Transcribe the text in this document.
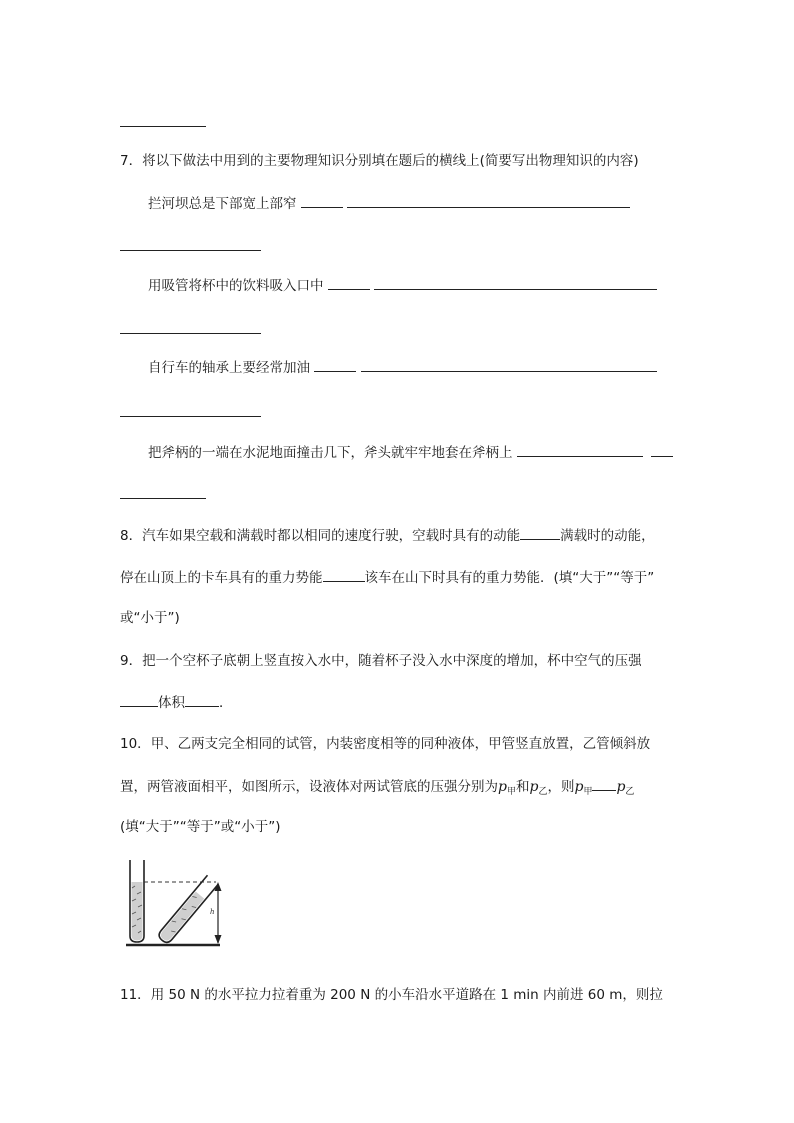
7．将以下做法中用到的主要物理知识分别填在题后的横线上(简要写出物理知识的内容)
拦河坝总是下部宽上部窄
用吸管将杯中的饮料吸入口中
自行车的轴承上要经常加油
把斧柄的一端在水泥地面撞击几下，斧头就牢牢地套在斧柄上
8．汽车如果空载和满载时都以相同的速度行驶，空载时具有的动能	满载时的动能，
停在山顶上的卡车具有的重力势能	该车在山下时具有的重力势能．(填“大于”“等于”
或“小于”)
9．把一个空杯子底朝上竖直按入水中，随着杯子没入水中深度的增加，杯中空气的压强
体积	．
10．甲、乙两支完全相同的试管，内装密度相等的同种液体，甲管竖直放置，乙管倾斜放
置，两管液面相平，如图所示，设液体对两试管底的压强分别为$p_甲$和$p_乙$，则$p_甲$ $p_乙$
(填“大于”“等于”或“小于”)
h
11．用 50 N 的水平拉力拉着重为 200 N 的小车沿水平道路在 1 min 内前进 60 m，则拉
